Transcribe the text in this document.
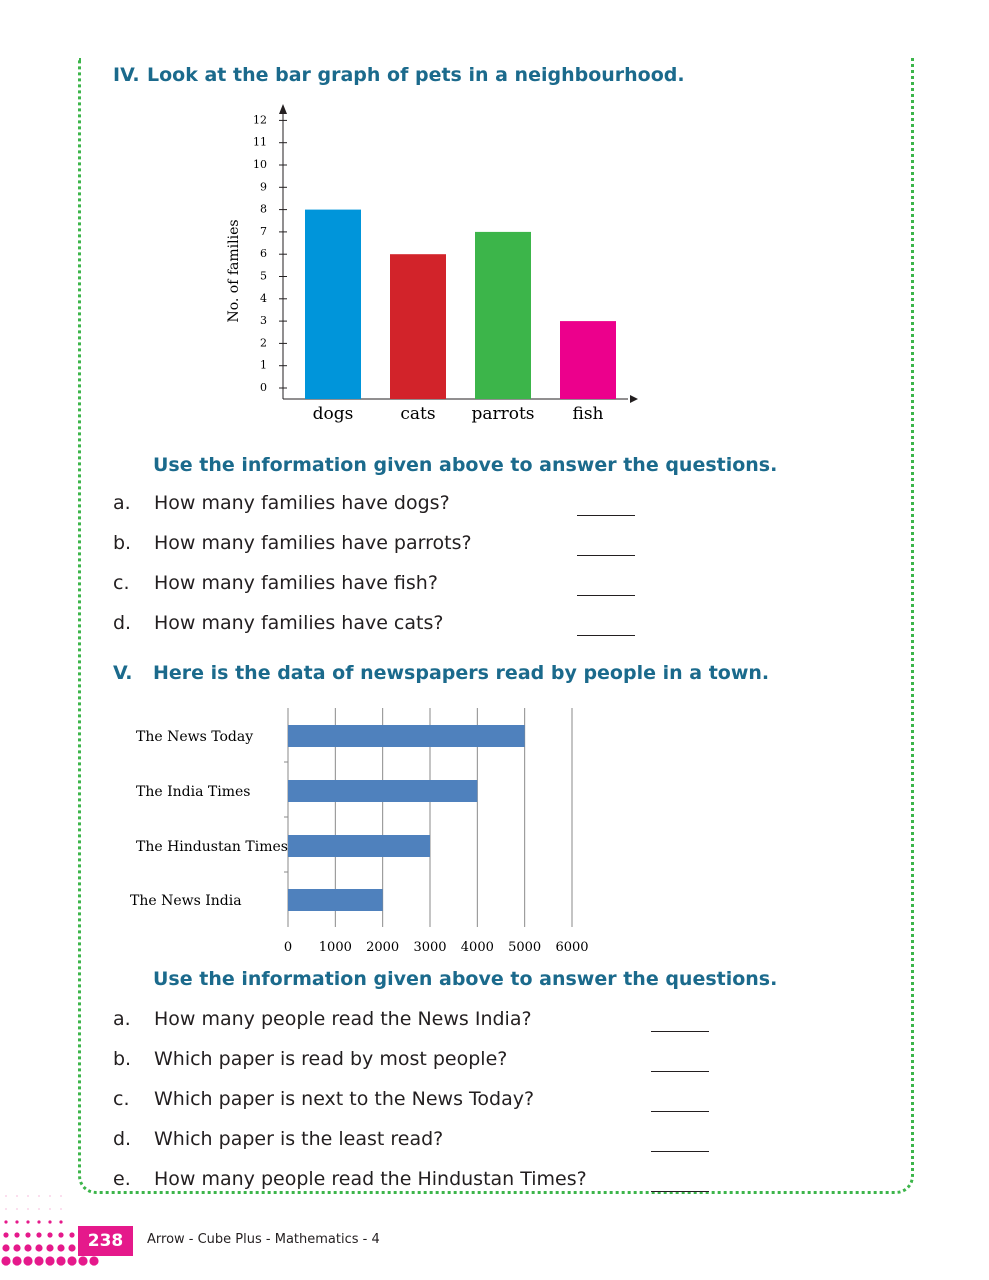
IV. Look at the bar graph of pets in a neighbourhood.
0
1
2
3
4
5
6
7
8
9
10
11
12
No. of families
dogs	cats parrots fish
Use the information given above to answer the questions.
a. How many families have dogs?
b. How many families have parrots?
c. How many families have fish?
d. How many families have cats?
V. Here is the data of newspapers read by people in a town.
0 1000 2000 3000 4000 5000 6000
The News Today
The India Times
The Hindustan Times
The News India
Use the information given above to answer the questions.
a. How many people read the News India?
b. Which paper is read by most people?
c. Which paper is next to the News Today?
d. Which paper is the least read?
e. How many people read the Hindustan Times?
238	Arrow - Cube Plus - Mathematics - 4
